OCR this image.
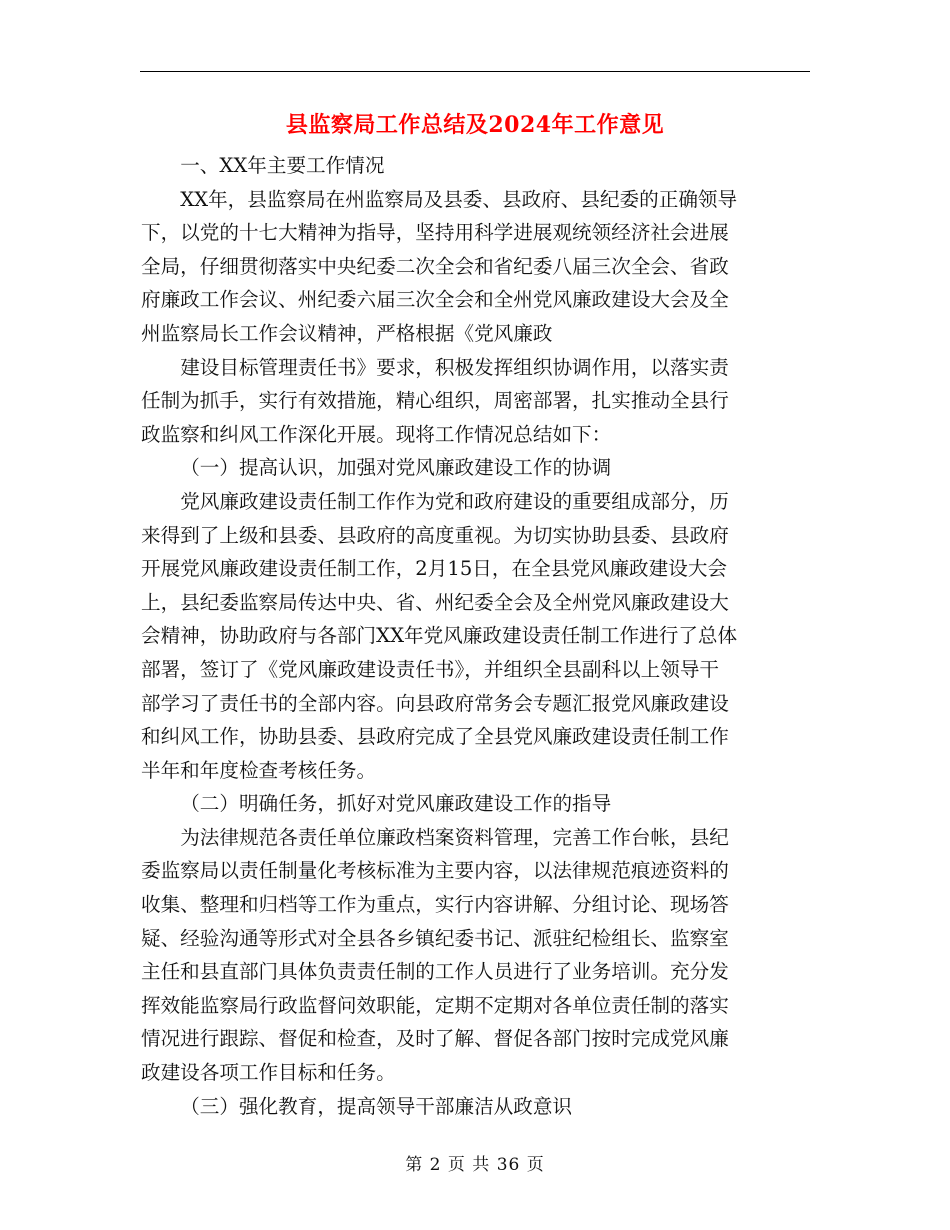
县监察局工作总结及2024年工作意见

一、XX年主要工作情况

XX年，县监察局在州监察局及县委、县政府、县纪委的正确领导
下，以党的十七大精神为指导，坚持用科学进展观统领经济社会进展
全局，仔细贯彻落实中央纪委二次全会和省纪委八届三次全会、省政
府廉政工作会议、州纪委六届三次全会和全州党风廉政建设大会及全
州监察局长工作会议精神，严格根据《党风廉政

建设目标管理责任书》要求，积极发挥组织协调作用，以落实责
任制为抓手，实行有效措施，精心组织，周密部署，扎实推动全县行
政监察和纠风工作深化开展。现将工作情况总结如下：

（一）提高认识，加强对党风廉政建设工作的协调

党风廉政建设责任制工作作为党和政府建设的重要组成部分，历
来得到了上级和县委、县政府的高度重视。为切实协助县委、县政府
开展党风廉政建设责任制工作，2月15日，在全县党风廉政建设大会
上，县纪委监察局传达中央、省、州纪委全会及全州党风廉政建设大
会精神，协助政府与各部门XX年党风廉政建设责任制工作进行了总体
部署，签订了《党风廉政建设责任书》，并组织全县副科以上领导干
部学习了责任书的全部内容。向县政府常务会专题汇报党风廉政建设
和纠风工作，协助县委、县政府完成了全县党风廉政建设责任制工作
半年和年度检查考核任务。

（二）明确任务，抓好对党风廉政建设工作的指导

为法律规范各责任单位廉政档案资料管理，完善工作台帐，县纪
委监察局以责任制量化考核标准为主要内容，以法律规范痕迹资料的
收集、整理和归档等工作为重点，实行内容讲解、分组讨论、现场答
疑、经验沟通等形式对全县各乡镇纪委书记、派驻纪检组长、监察室
主任和县直部门具体负责责任制的工作人员进行了业务培训。充分发
挥效能监察局行政监督问效职能，定期不定期对各单位责任制的落实
情况进行跟踪、督促和检查，及时了解、督促各部门按时完成党风廉
政建设各项工作目标和任务。

（三）强化教育，提高领导干部廉洁从政意识

第 2 页 共 36 页
